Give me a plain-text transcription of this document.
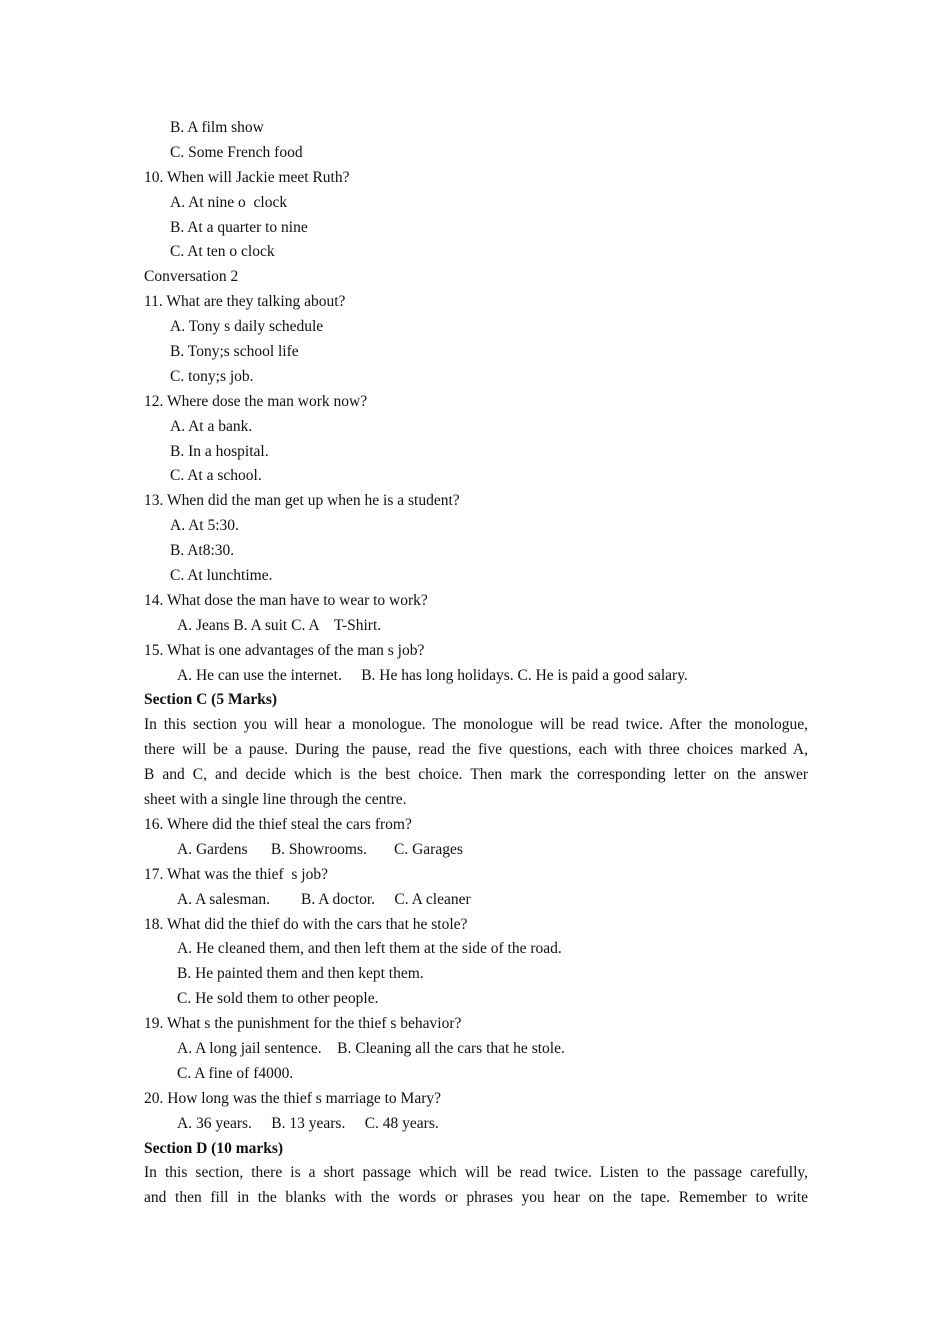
B. A film show
C. Some French food
10. When will Jackie meet Ruth?
A. At nine o  clock
B. At a quarter to nine
C. At ten o clock
Conversation 2
11. What are they talking about?
A. Tony s daily schedule
B. Tony;s school life
C. tony;s job.
12. Where dose the man work now?
A. At a bank.
B. In a hospital.
C. At a school.
13. When did the man get up when he is a student?
A. At 5:30.
B. At8:30.
C. At lunchtime.
14. What dose the man have to wear to work?
A. Jeans B. A suit C. A    T-Shirt.
15. What is one advantages of the man s job?
A. He can use the internet.     B. He has long holidays. C. He is paid a good salary.
Section C (5 Marks)
In this section you will hear a monologue. The monologue will be read twice. After the monologue,
there will be a pause. During the pause, read the five questions, each with three choices marked A,
B and C, and decide which is the best choice. Then mark the corresponding letter on the answer
sheet with a single line through the centre.
16. Where did the thief steal the cars from?
A. Gardens      B. Showrooms.       C. Garages
17. What was the thief  s job?
A. A salesman.        B. A doctor.     C. A cleaner
18. What did the thief do with the cars that he stole?
A. He cleaned them, and then left them at the side of the road.
B. He painted them and then kept them.
C. He sold them to other people.
19. What s the punishment for the thief s behavior?
A. A long jail sentence.    B. Cleaning all the cars that he stole.
C. A fine of f4000.
20. How long was the thief s marriage to Mary?
A. 36 years.     B. 13 years.     C. 48 years.
Section D (10 marks)
In this section, there is a short passage which will be read twice. Listen to the passage carefully,
and then fill in the blanks with the words or phrases you hear on the tape. Remember to write
